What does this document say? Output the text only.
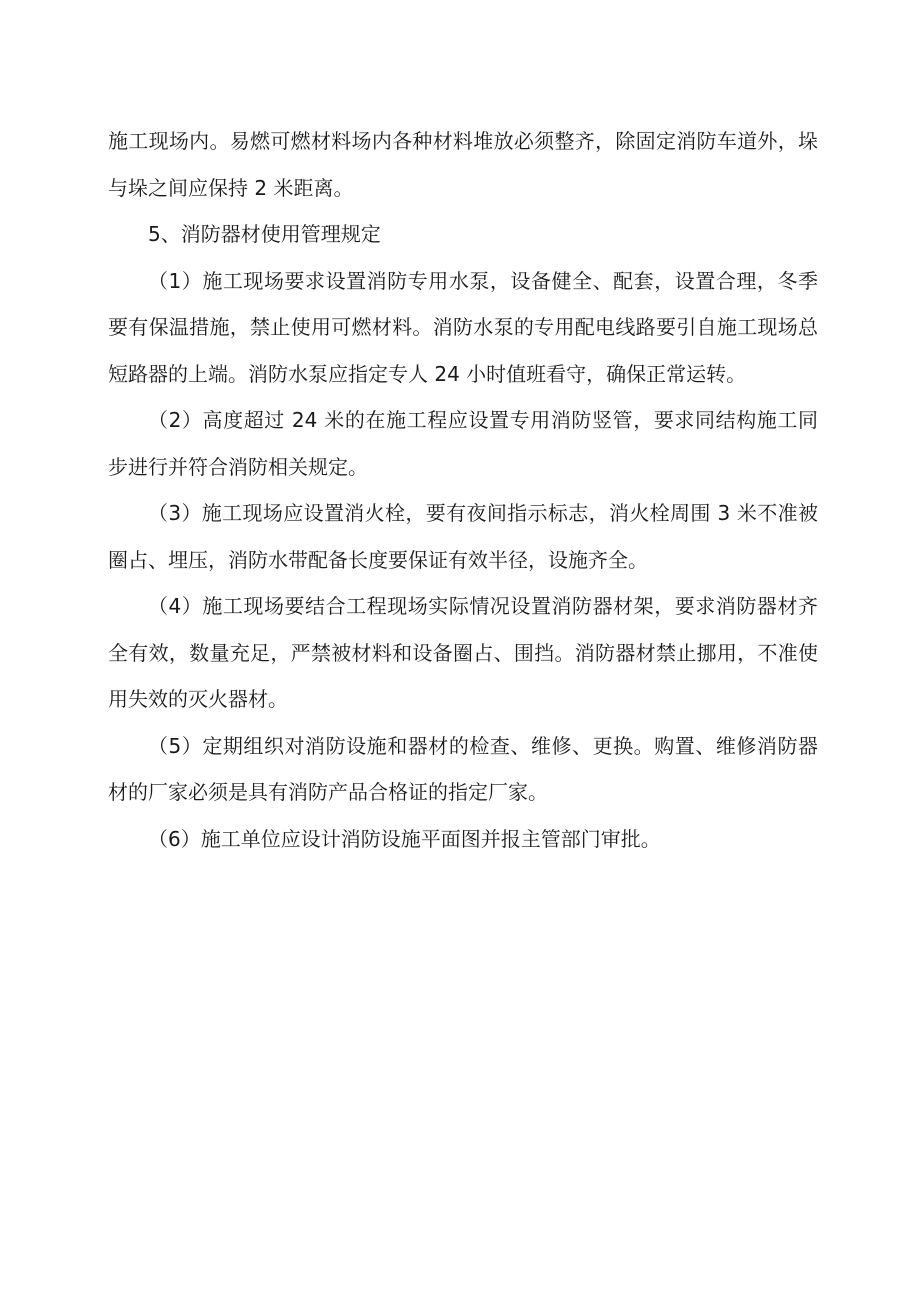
施工现场内。易燃可燃材料场内各种材料堆放必须整齐，除固定消防车道外，垛与垛之间应保持 2 米距离。

5、消防器材使用管理规定

（1）施工现场要求设置消防专用水泵，设备健全、配套，设置合理，冬季要有保温措施，禁止使用可燃材料。消防水泵的专用配电线路要引自施工现场总短路器的上端。消防水泵应指定专人 24 小时值班看守，确保正常运转。

（2）高度超过 24 米的在施工程应设置专用消防竖管，要求同结构施工同步进行并符合消防相关规定。

（3）施工现场应设置消火栓，要有夜间指示标志，消火栓周围 3 米不准被圈占、埋压，消防水带配备长度要保证有效半径，设施齐全。

（4）施工现场要结合工程现场实际情况设置消防器材架，要求消防器材齐全有效，数量充足，严禁被材料和设备圈占、围挡。消防器材禁止挪用，不准使用失效的灭火器材。

（5）定期组织对消防设施和器材的检查、维修、更换。购置、维修消防器材的厂家必须是具有消防产品合格证的指定厂家。

（6）施工单位应设计消防设施平面图并报主管部门审批。
